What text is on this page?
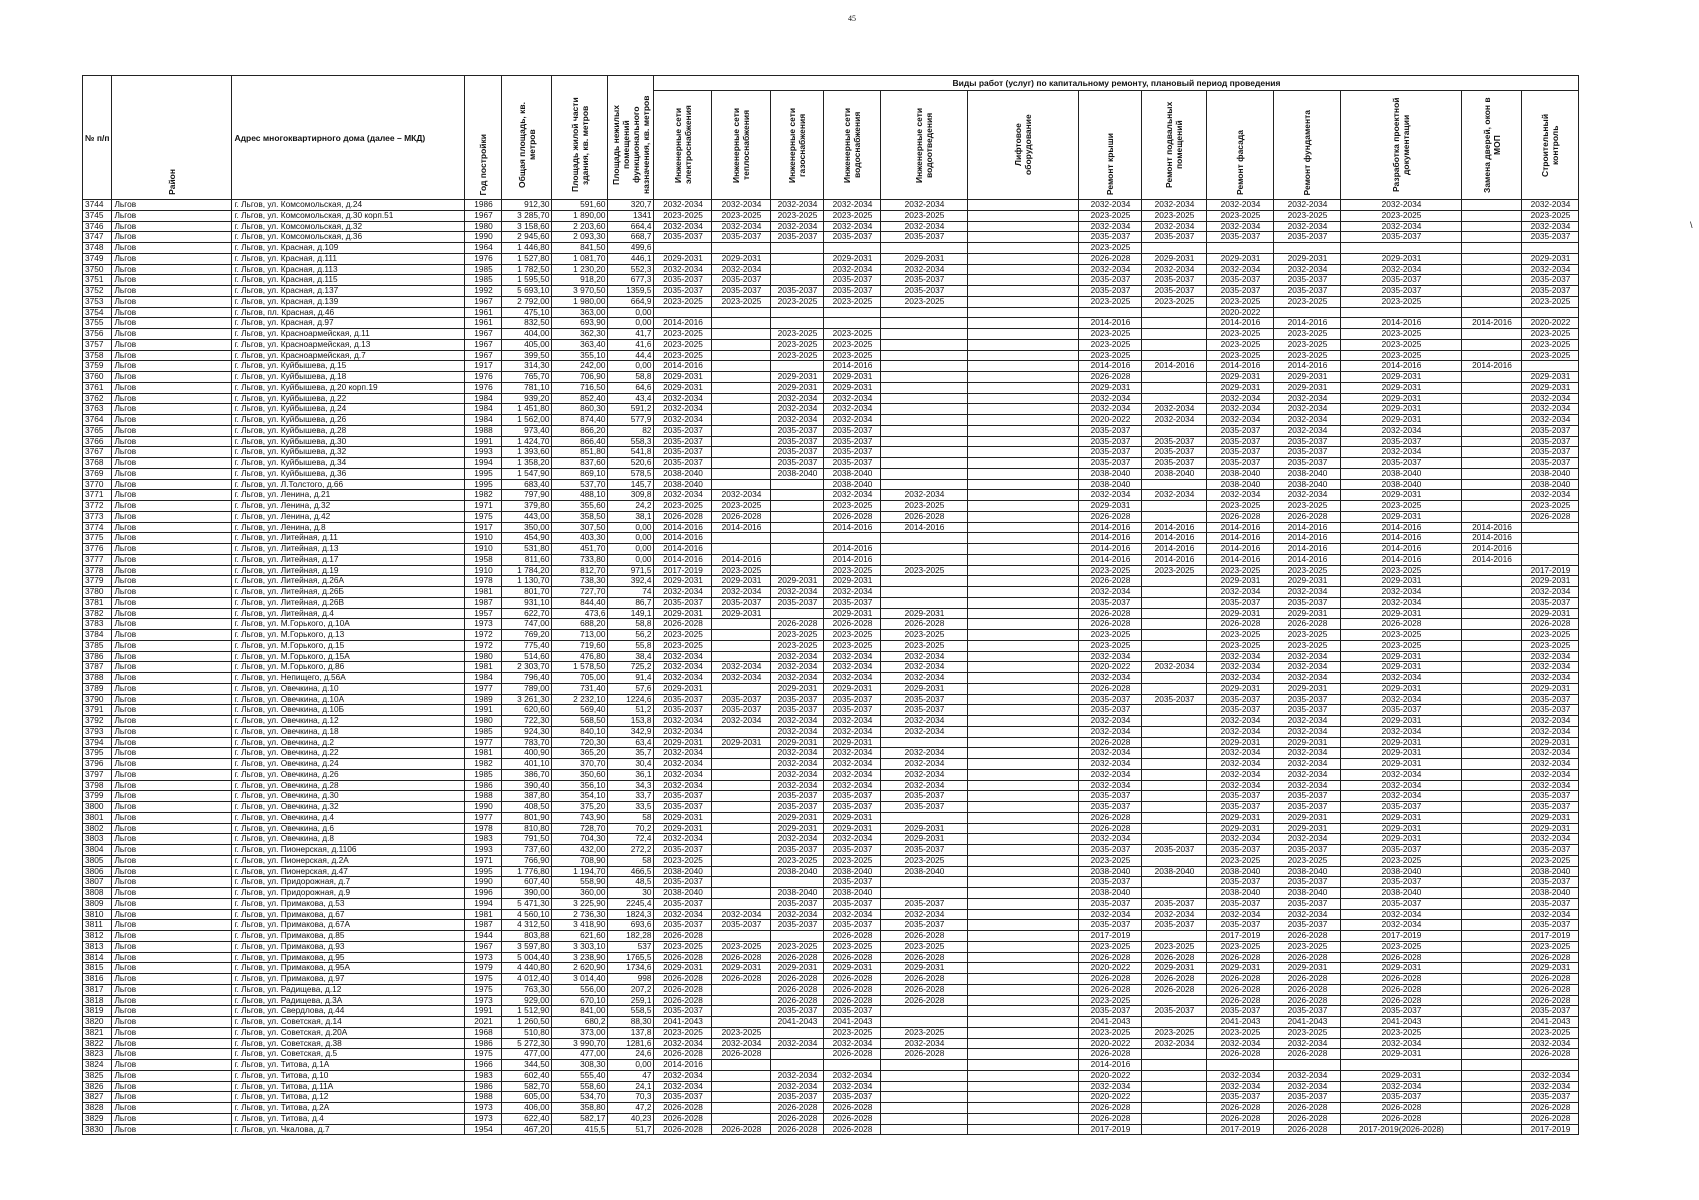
45
\
№ п/п	Район	Адрес многоквартирного дома (далее – МКД)	Год постройки	Общая площадь, кв. метров	Площадь жилой части здания, кв. метров	Площадь нежилых помещений функционального назначения, кв. метров	Виды работ (услуг) по капитальному ремонту, плановый период проведения												
							Инженерные сети электроснабжения	Инженерные сети теплоснабжения	Инженерные сети газоснабжения	Инженерные сети водоснабжения	Инженерные сети водоотведения	Лифтовое оборудование	Ремонт крыши	Ремонт подвальных помещений	Ремонт фасада	Ремонт фундамента	Разработка проектной документации	Замена дверей, окон в МОП	Строительный контроль
3744	Льгов	г. Льгов, ул. Комсомольская, д.24	1986	912,30	591,60	320,7	2032-2034	2032-2034	2032-2034	2032-2034	2032-2034		2032-2034	2032-2034	2032-2034	2032-2034	2032-2034		2032-2034
3745	Льгов	г. Льгов, ул. Комсомольская, д.30 корп.51	1967	3 285,70	1 890,00	1341	2023-2025	2023-2025	2023-2025	2023-2025	2023-2025		2023-2025	2023-2025	2023-2025	2023-2025	2023-2025		2023-2025
3746	Льгов	г. Льгов, ул. Комсомольская, д.32	1980	3 158,60	2 203,60	664,4	2032-2034	2032-2034	2032-2034	2032-2034	2032-2034		2032-2034	2032-2034	2032-2034	2032-2034	2032-2034		2032-2034
3747	Льгов	г. Льгов, ул. Комсомольская, д.36	1990	2 945,60	2 093,30	668,7	2035-2037	2035-2037	2035-2037	2035-2037	2035-2037		2035-2037	2035-2037	2035-2037	2035-2037	2035-2037		2035-2037
3748	Льгов	г. Льгов, ул. Красная, д.109	1964	1 446,80	841,50	499,6							2023-2025						
3749	Льгов	г. Льгов, ул. Красная, д.111	1976	1 527,80	1 081,70	446,1	2029-2031	2029-2031		2029-2031	2029-2031		2026-2028	2029-2031	2029-2031	2029-2031	2029-2031		2029-2031
3750	Льгов	г. Льгов, ул. Красная, д.113	1985	1 782,50	1 230,20	552,3	2032-2034	2032-2034		2032-2034	2032-2034		2032-2034	2032-2034	2032-2034	2032-2034	2032-2034		2032-2034
3751	Льгов	г. Льгов, ул. Красная, д.115	1985	1 595,50	918,20	677,3	2035-2037	2035-2037		2035-2037	2035-2037		2035-2037	2035-2037	2035-2037	2035-2037	2035-2037		2035-2037
3752	Льгов	г. Льгов, ул. Красная, д.137	1992	5 693,10	3 970,50	1359,5	2035-2037	2035-2037	2035-2037	2035-2037	2035-2037		2035-2037	2035-2037	2035-2037	2035-2037	2035-2037		2035-2037
3753	Льгов	г. Льгов, ул. Красная, д.139	1967	2 792,00	1 980,00	664,9	2023-2025	2023-2025	2023-2025	2023-2025	2023-2025		2023-2025	2023-2025	2023-2025	2023-2025	2023-2025		2023-2025
3754	Льгов	г. Льгов, пл. Красная, д.46	1961	475,10	363,00	0,00									2020-2022				
3755	Льгов	г. Льгов, ул. Красная, д.97	1961	832,50	693,90	0,00	2014-2016						2014-2016		2014-2016	2014-2016	2014-2016	2014-2016	2020-2022
3756	Льгов	г. Льгов, ул. Красноармейская, д.11	1967	404,00	362,30	41,7	2023-2025		2023-2025	2023-2025			2023-2025		2023-2025	2023-2025	2023-2025		2023-2025
3757	Льгов	г. Льгов, ул. Красноармейская, д.13	1967	405,00	363,40	41,6	2023-2025		2023-2025	2023-2025			2023-2025		2023-2025	2023-2025	2023-2025		2023-2025
3758	Льгов	г. Льгов, ул. Красноармейская, д.7	1967	399,50	355,10	44,4	2023-2025		2023-2025	2023-2025			2023-2025		2023-2025	2023-2025	2023-2025		2023-2025
3759	Льгов	г. Льгов, ул. Куйбышева, д.15	1917	314,30	242,00	0,00	2014-2016			2014-2016			2014-2016	2014-2016	2014-2016	2014-2016	2014-2016	2014-2016	
3760	Льгов	г. Льгов, ул. Куйбышева, д.18	1976	765,70	706,90	58,8	2029-2031		2029-2031	2029-2031			2026-2028		2029-2031	2029-2031	2029-2031		2029-2031
3761	Льгов	г. Льгов, ул. Куйбышева, д.20 корп.19	1976	781,10	716,50	64,6	2029-2031		2029-2031	2029-2031			2029-2031		2029-2031	2029-2031	2029-2031		2029-2031
3762	Льгов	г. Льгов, ул. Куйбышева, д.22	1984	939,20	852,40	43,4	2032-2034		2032-2034	2032-2034			2032-2034		2032-2034	2032-2034	2029-2031		2032-2034
3763	Льгов	г. Льгов, ул. Куйбышева, д.24	1984	1 451,80	860,30	591,2	2032-2034		2032-2034	2032-2034			2032-2034	2032-2034	2032-2034	2032-2034	2029-2031		2032-2034
3764	Льгов	г. Льгов, ул. Куйбышева, д.26	1984	1 562,00	874,40	577,9	2032-2034		2032-2034	2032-2034			2020-2022	2032-2034	2032-2034	2032-2034	2029-2031		2032-2034
3765	Льгов	г. Льгов, ул. Куйбышева, д.28	1988	973,40	866,20	82	2035-2037		2035-2037	2035-2037			2035-2037		2035-2037	2032-2034	2032-2034		2035-2037
3766	Льгов	г. Льгов, ул. Куйбышева, д.30	1991	1 424,70	866,40	558,3	2035-2037		2035-2037	2035-2037			2035-2037	2035-2037	2035-2037	2035-2037	2035-2037		2035-2037
3767	Льгов	г. Льгов, ул. Куйбышева, д.32	1993	1 393,60	851,80	541,8	2035-2037		2035-2037	2035-2037			2035-2037	2035-2037	2035-2037	2035-2037	2032-2034		2035-2037
3768	Льгов	г. Льгов, ул. Куйбышева, д.34	1994	1 358,20	837,60	520,6	2035-2037		2035-2037	2035-2037			2035-2037	2035-2037	2035-2037	2035-2037	2035-2037		2035-2037
3769	Льгов	г. Льгов, ул. Куйбышева, д.36	1995	1 547,90	869,10	578,5	2038-2040		2038-2040	2038-2040			2038-2040	2038-2040	2038-2040	2038-2040	2038-2040		2038-2040
3770	Льгов	г. Льгов, ул. Л.Толстого, д.66	1995	683,40	537,70	145,7	2038-2040			2038-2040			2038-2040		2038-2040	2038-2040	2038-2040		2038-2040
3771	Льгов	г. Льгов, ул. Ленина, д.21	1982	797,90	488,10	309,8	2032-2034	2032-2034		2032-2034	2032-2034		2032-2034	2032-2034	2032-2034	2032-2034	2029-2031		2032-2034
3772	Льгов	г. Льгов, ул. Ленина, д.32	1971	379,80	355,60	24,2	2023-2025	2023-2025		2023-2025	2023-2025		2029-2031		2023-2025	2023-2025	2023-2025		2023-2025
3773	Льгов	г. Льгов, ул. Ленина, д.42	1975	443,00	358,50	38,1	2026-2028	2026-2028		2026-2028	2026-2028		2026-2028		2026-2028	2026-2028	2029-2031		2026-2028
3774	Льгов	г. Льгов, ул. Ленина, д.8	1917	350,00	307,50	0,00	2014-2016	2014-2016		2014-2016	2014-2016		2014-2016	2014-2016	2014-2016	2014-2016	2014-2016	2014-2016	
3775	Льгов	г. Льгов, ул. Литейная, д.11	1910	454,90	403,30	0,00	2014-2016						2014-2016	2014-2016	2014-2016	2014-2016	2014-2016	2014-2016	
3776	Льгов	г. Льгов, ул. Литейная, д.13	1910	531,80	451,70	0,00	2014-2016			2014-2016			2014-2016	2014-2016	2014-2016	2014-2016	2014-2016	2014-2016	
3777	Льгов	г. Льгов, ул. Литейная, д.17	1958	811,60	733,80	0,00	2014-2016	2014-2016		2014-2016			2014-2016	2014-2016	2014-2016	2014-2016	2014-2016	2014-2016	
3778	Льгов	г. Льгов, ул. Литейная, д.19	1910	1 784,20	812,70	971,5	2017-2019	2023-2025		2023-2025	2023-2025		2023-2025	2023-2025	2023-2025	2023-2025	2023-2025		2017-2019
3779	Льгов	г. Льгов, ул. Литейная, д.26А	1978	1 130,70	738,30	392,4	2029-2031	2029-2031	2029-2031	2029-2031			2026-2028		2029-2031	2029-2031	2029-2031		2029-2031
3780	Льгов	г. Льгов, ул. Литейная, д.26Б	1981	801,70	727,70	74	2032-2034	2032-2034	2032-2034	2032-2034			2032-2034		2032-2034	2032-2034	2032-2034		2032-2034
3781	Льгов	г. Льгов, ул. Литейная, д.26В	1987	931,10	844,40	86,7	2035-2037	2035-2037	2035-2037	2035-2037			2035-2037		2035-2037	2035-2037	2032-2034		2035-2037
3782	Льгов	г. Льгов, ул. Литейная, д.4	1957	622,70	473,6	149,1	2029-2031	2029-2031		2029-2031	2029-2031		2026-2028		2029-2031	2029-2031	2029-2031		2029-2031
3783	Льгов	г. Льгов, ул. М.Горького, д.10А	1973	747,00	688,20	58,8	2026-2028		2026-2028	2026-2028	2026-2028		2026-2028		2026-2028	2026-2028	2026-2028		2026-2028
3784	Льгов	г. Льгов, ул. М.Горького, д.13	1972	769,20	713,00	56,2	2023-2025		2023-2025	2023-2025	2023-2025		2023-2025		2023-2025	2023-2025	2023-2025		2023-2025
3785	Льгов	г. Льгов, ул. М.Горького, д.15	1972	775,40	719,60	55,8	2023-2025		2023-2025	2023-2025	2023-2025		2023-2025		2023-2025	2023-2025	2023-2025		2023-2025
3786	Льгов	г. Льгов, ул. М.Горького, д.15А	1980	514,60	476,80	38,4	2032-2034		2032-2034	2032-2034	2032-2034		2032-2034		2032-2034	2032-2034	2029-2031		2032-2034
3787	Льгов	г. Льгов, ул. М.Горького, д.86	1981	2 303,70	1 578,50	725,2	2032-2034	2032-2034	2032-2034	2032-2034	2032-2034		2020-2022	2032-2034	2032-2034	2032-2034	2029-2031		2032-2034
3788	Льгов	г. Льгов, ул. Непищего, д.56А	1984	796,40	705,00	91,4	2032-2034	2032-2034	2032-2034	2032-2034	2032-2034		2032-2034		2032-2034	2032-2034	2032-2034		2032-2034
3789	Льгов	г. Льгов, ул. Овечкина, д.10	1977	789,00	731,40	57,6	2029-2031		2029-2031	2029-2031	2029-2031		2026-2028		2029-2031	2029-2031	2029-2031		2029-2031
3790	Льгов	г. Льгов, ул. Овечкина, д.10А	1989	3 261,30	2 232,10	1224,6	2035-2037	2035-2037	2035-2037	2035-2037	2035-2037		2035-2037	2035-2037	2035-2037	2035-2037	2032-2034		2035-2037
3791	Льгов	г. Льгов, ул. Овечкина, д.10Б	1991	620,60	569,40	51,2	2035-2037	2035-2037	2035-2037	2035-2037	2035-2037		2035-2037		2035-2037	2035-2037	2035-2037		2035-2037
3792	Льгов	г. Льгов, ул. Овечкина, д.12	1980	722,30	568,50	153,8	2032-2034	2032-2034	2032-2034	2032-2034	2032-2034		2032-2034		2032-2034	2032-2034	2029-2031		2032-2034
3793	Льгов	г. Льгов, ул. Овечкина, д.18	1985	924,30	840,10	342,9	2032-2034		2032-2034	2032-2034	2032-2034		2032-2034		2032-2034	2032-2034	2032-2034		2032-2034
3794	Льгов	г. Льгов, ул. Овечкина, д.2	1977	783,70	720,30	63,4	2029-2031	2029-2031	2029-2031	2029-2031			2026-2028		2029-2031	2029-2031	2029-2031		2029-2031
3795	Льгов	г. Льгов, ул. Овечкина, д.22	1981	400,90	365,20	35,7	2032-2034		2032-2034	2032-2034	2032-2034		2032-2034		2032-2034	2032-2034	2029-2031		2032-2034
3796	Льгов	г. Льгов, ул. Овечкина, д.24	1982	401,10	370,70	30,4	2032-2034		2032-2034	2032-2034	2032-2034		2032-2034		2032-2034	2032-2034	2029-2031		2032-2034
3797	Льгов	г. Льгов, ул. Овечкина, д.26	1985	386,70	350,60	36,1	2032-2034		2032-2034	2032-2034	2032-2034		2032-2034		2032-2034	2032-2034	2032-2034		2032-2034
3798	Льгов	г. Льгов, ул. Овечкина, д.28	1986	390,40	356,10	34,3	2032-2034		2032-2034	2032-2034	2032-2034		2032-2034		2032-2034	2032-2034	2032-2034		2032-2034
3799	Льгов	г. Льгов, ул. Овечкина, д.30	1988	387,80	354,10	33,7	2035-2037		2035-2037	2035-2037	2035-2037		2035-2037		2035-2037	2035-2037	2032-2034		2035-2037
3800	Льгов	г. Льгов, ул. Овечкина, д.32	1990	408,50	375,20	33,5	2035-2037		2035-2037	2035-2037	2035-2037		2035-2037		2035-2037	2035-2037	2035-2037		2035-2037
3801	Льгов	г. Льгов, ул. Овечкина, д.4	1977	801,90	743,90	58	2029-2031		2029-2031	2029-2031			2026-2028		2029-2031	2029-2031	2029-2031		2029-2031
3802	Льгов	г. Льгов, ул. Овечкина, д.6	1978	810,80	728,70	70,2	2029-2031		2029-2031	2029-2031	2029-2031		2026-2028		2029-2031	2029-2031	2029-2031		2029-2031
3803	Льгов	г. Льгов, ул. Овечкина, д.8	1983	791,50	704,30	72,4	2032-2034		2032-2034	2032-2034	2029-2031		2032-2034		2032-2034	2032-2034	2029-2031		2032-2034
3804	Льгов	г. Льгов, ул. Пионерская, д.1106	1993	737,60	432,00	272,2	2035-2037		2035-2037	2035-2037	2035-2037		2035-2037	2035-2037	2035-2037	2035-2037	2035-2037		2035-2037
3805	Льгов	г. Льгов, ул. Пионерская, д.2А	1971	766,90	708,90	58	2023-2025		2023-2025	2023-2025	2023-2025		2023-2025		2023-2025	2023-2025	2023-2025		2023-2025
3806	Льгов	г. Льгов, ул. Пионерская, д.47	1995	1 776,80	1 194,70	466,5	2038-2040		2038-2040	2038-2040	2038-2040		2038-2040	2038-2040	2038-2040	2038-2040	2038-2040		2038-2040
3807	Льгов	г. Льгов, ул. Придорожная, д.7	1990	607,40	558,90	48,5	2035-2037			2035-2037			2035-2037		2035-2037	2035-2037	2035-2037		2035-2037
3808	Льгов	г. Льгов, ул. Придорожная, д.9	1996	390,00	360,00	30	2038-2040		2038-2040	2038-2040			2038-2040		2038-2040	2038-2040	2038-2040		2038-2040
3809	Льгов	г. Льгов, ул. Примакова, д.53	1994	5 471,30	3 225,90	2245,4	2035-2037		2035-2037	2035-2037	2035-2037		2035-2037	2035-2037	2035-2037	2035-2037	2035-2037		2035-2037
3810	Льгов	г. Льгов, ул. Примакова, д.67	1981	4 560,10	2 736,30	1824,3	2032-2034	2032-2034	2032-2034	2032-2034	2032-2034		2032-2034	2032-2034	2032-2034	2032-2034	2032-2034		2032-2034
3811	Льгов	г. Льгов, ул. Примакова, д.67А	1987	4 312,50	3 418,90	693,6	2035-2037	2035-2037	2035-2037	2035-2037	2035-2037		2035-2037	2035-2037	2035-2037	2035-2037	2032-2034		2035-2037
3812	Льгов	г. Льгов, ул. Примакова, д.85	1944	803,88	621,60	182,28	2026-2028			2026-2028	2026-2028		2017-2019		2017-2019	2026-2028	2017-2019		2017-2019
3813	Льгов	г. Льгов, ул. Примакова, д.93	1967	3 597,80	3 303,10	537	2023-2025	2023-2025	2023-2025	2023-2025	2023-2025		2023-2025	2023-2025	2023-2025	2023-2025	2023-2025		2023-2025
3814	Льгов	г. Льгов, ул. Примакова, д.95	1973	5 004,40	3 238,90	1765,5	2026-2028	2026-2028	2026-2028	2026-2028	2026-2028		2026-2028	2026-2028	2026-2028	2026-2028	2026-2028		2026-2028
3815	Льгов	г. Льгов, ул. Примакова, д.95А	1979	4 440,80	2 620,90	1734,6	2029-2031	2029-2031	2029-2031	2029-2031	2029-2031		2020-2022	2029-2031	2029-2031	2029-2031	2029-2031		2029-2031
3816	Льгов	г. Льгов, ул. Примакова, д.97	1975	4 012,40	3 014,40	998	2026-2028	2026-2028	2026-2028	2026-2028	2026-2028		2026-2028	2026-2028	2026-2028	2026-2028	2026-2028		2026-2028
3817	Льгов	г. Льгов, ул. Радищева, д.12	1975	763,30	556,00	207,2	2026-2028		2026-2028	2026-2028	2026-2028		2026-2028	2026-2028	2026-2028	2026-2028	2026-2028		2026-2028
3818	Льгов	г. Льгов, ул. Радищева, д.3А	1973	929,00	670,10	259,1	2026-2028		2026-2028	2026-2028	2026-2028		2023-2025		2026-2028	2026-2028	2026-2028		2026-2028
3819	Льгов	г. Льгов, ул. Свердлова, д.44	1991	1 512,90	841,00	558,5	2035-2037		2035-2037	2035-2037			2035-2037	2035-2037	2035-2037	2035-2037	2035-2037		2035-2037
3820	Льгов	г. Льгов, ул. Советская, д.14	2021	1 260,50	680,2	88,30	2041-2043		2041-2043	2041-2043			2041-2043		2041-2043	2041-2043	2041-2043		2041-2043
3821	Льгов	г. Льгов, ул. Советская, д.20А	1968	510,80	373,00	137,8	2023-2025	2023-2025		2023-2025	2023-2025		2023-2025	2023-2025	2023-2025	2023-2025	2023-2025		2023-2025
3822	Льгов	г. Льгов, ул. Советская, д.38	1986	5 272,30	3 990,70	1281,6	2032-2034	2032-2034	2032-2034	2032-2034	2032-2034		2020-2022	2032-2034	2032-2034	2032-2034	2032-2034		2032-2034
3823	Льгов	г. Льгов, ул. Советская, д.5	1975	477,00	477,00	24,6	2026-2028	2026-2028		2026-2028	2026-2028		2026-2028		2026-2028	2026-2028	2029-2031		2026-2028
3824	Льгов	г. Льгов, ул. Титова, д.1А	1966	344,50	308,30	0,00	2014-2016						2014-2016						
3825	Льгов	г. Льгов, ул. Титова, д.10	1983	602,40	555,40	47	2032-2034		2032-2034	2032-2034			2020-2022		2032-2034	2032-2034	2029-2031		2032-2034
3826	Льгов	г. Льгов, ул. Титова, д.11А	1986	582,70	558,60	24,1	2032-2034		2032-2034	2032-2034			2032-2034		2032-2034	2032-2034	2032-2034		2032-2034
3827	Льгов	г. Льгов, ул. Титова, д.12	1988	605,00	534,70	70,3	2035-2037		2035-2037	2035-2037			2020-2022		2035-2037	2035-2037	2035-2037		2035-2037
3828	Льгов	г. Льгов, ул. Титова, д.2А	1973	406,00	358,80	47,2	2026-2028		2026-2028	2026-2028			2026-2028		2026-2028	2026-2028	2026-2028		2026-2028
3829	Льгов	г. Льгов, ул. Титова, д.4	1973	622,40	582,17	40,23	2026-2028		2026-2028	2026-2028			2026-2028		2026-2028	2026-2028	2026-2028		2026-2028
3830	Льгов	г. Льгов, ул. Чкалова, д.7	1954	467,20	415,5	51,7	2026-2028	2026-2028	2026-2028	2026-2028			2017-2019		2017-2019	2026-2028	2017-2019(2026-2028)		2017-2019
